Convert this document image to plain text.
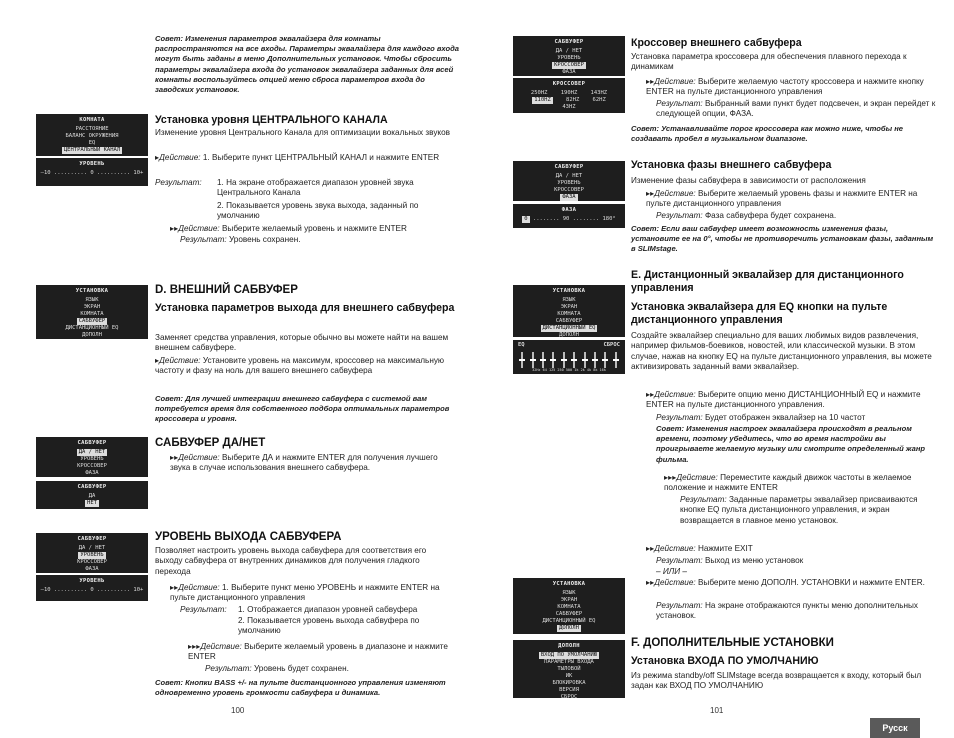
Совет: Изменения параметров эквалайзера для комнаты распространяются на все входы. Параметры эквалайзера для каждого входа могут быть заданы в меню Дополнительных установок. Чтобы сбросить параметры эквалайзера входа до установок эквалайзера заданных для всей комнаты воспользуйтесь опцией меню сброса параметров входа до заводских установок.
КОМНАТА
РАССТОЯНИЕ
БАЛАНС ОКРУЖЕНИЯ
EQ
ЦЕНТРАЛЬНЫЙ КАНАЛ
УРОВЕНЬ
–10 .......... 0 .......... 10+
Установка уровня ЦЕНТРАЛЬНОГО КАНАЛА
Изменение уровня Центрального Канала для оптимизации вокальных звуков
▸Действие: 1. Выберите пункт ЦЕНТРАЛЬНЫЙ КАНАЛ и нажмите ENTER
Результат: 1. На экране отображается диапазон уровней звука Центрального Канала
2. Показывается уровень звука выхода, заданный по умолчанию
▸▸Действие: Выберите желаемый уровень и нажмите ENTER
Результат: Уровень сохранен.
УСТАНОВКА
ЯЗЫК
ЭКРАН
КОМНАТА
САБВУФЕР
ДИСТАНЦИОННЫЙ EQ
ДОПОЛН
D. ВНЕШНИЙ САБВУФЕР
Установка параметров выхода для внешнего сабвуфера
Заменяет средства управления, которые обычно вы можете найти на вашем внешнем сабвуфере.
▸Действие: Установите уровень на максимум, кроссовер на максимальную частоту и фазу на ноль для вашего внешнего сабвуфера
Совет: Для лучшей интеграции внешнего сабвуфера с системой вам потребуется время для собственного подбора оптимальных параметров кроссовера и уровня.
САБВУФЕР
ДА / НЕТ
УРОВЕНЬ
КРОССОВЕР
ФАЗА
САБВУФЕР
ДА
НЕТ
САБВУФЕР ДА/НЕТ
▸▸Действие: Выберите ДА и нажмите ENTER для получения лучшего звука в случае использования внешнего сабвуфера.
САБВУФЕР
ДА / НЕТ
УРОВЕНЬ
КРОССОВЕР
ФАЗА
УРОВЕНЬ
–10 .......... 0 .......... 10+
УРОВЕНЬ ВЫХОДА САБВУФЕРА
Позволяет настроить уровень выхода сабвуфера для соответствия его выходу сабвуфера от внутренних динамиков для получения гладкого перехода
▸▸Действие: 1. Выберите пункт меню УРОВЕНЬ и нажмите ENTER на пульте дистанционного управления
Результат: 1. Отображается диапазон уровней сабвуфера
2. Показывается уровень выхода сабвуфера по умолчанию
▸▸▸Действие: Выберите желаемый уровень в диапазоне и нажмите ENTER
Результат: Уровень будет сохранен.
Совет: Кнопки BASS +/- на пульте дистанционного управления изменяют одновременно уровень громкости сабвуфера и динамика.
100
САБВУФЕР
ДА / НЕТ
УРОВЕНЬ
КРОССОВЕР
ФАЗА
КРОССОВЕР
250HZ    190HZ    143HZ
110HZ    82HZ    62HZ
43HZ
Кроссовер внешнего сабвуфера
Установка параметра кроссовера для обеспечения плавного перехода к динамикам
▸▸Действие: Выберите желаемую частоту кроссовера и нажмите кнопку ENTER на пульте дистанционного управления
Результат: Выбранный вами пункт будет подсвечен, и экран перейдет к следующей опции, ФАЗА.
Совет: Устанавливайте порог кроссовера как можно ниже, чтобы не создавать пробел в музыкальном диапазоне.
САБВУФЕР
ДА / НЕТ
УРОВЕНЬ
КРОССОВЕР
ФАЗА
ФАЗА
0 ........ 90 ........ 180°
Установка фазы внешнего сабвуфера
Изменение фазы сабвуфера в зависимости от расположения
▸▸Действие: Выберите желаемый уровень фазы и нажмите ENTER на пульте дистанционного управления
Результат: Фаза сабвуфера будет сохранена.
Совет: Если ваш сабвуфер имеет возможность изменения фазы, установите ее на 0°, чтобы не противоречить установкам фазы, заданным в SLIMstage.
УСТАНОВКА
ЯЗЫК
ЭКРАН
КОМНАТА
САБВУФЕР
ДИСТАНЦИОННЫЙ EQ
ДОПОЛН
EQ	СБРОС
32Hz 64 125 250 500 1k 2k 4k 8k 16k
E. Дистанционный эквалайзер для дистанционного управления
Установка эквалайзера для EQ кнопки на пульте дистанционного управления
Создайте эквалайзер специально для ваших любимых видов развлечения, например фильмов-боевиков, новостей, или классической музыки. В этом случае, нажав на кнопку EQ на пульте дистанционного управления, вы можете активизировать заданный вами эквалайзер.
▸▸Действие: Выберите опцию меню ДИСТАНЦИОННЫЙ EQ и нажмите ENTER на пульте дистанционного управления.
Результат: Будет отображен эквалайзер на 10 частот
Совет: Изменения настроек эквалайзера происходят в реальном времени, поэтому убедитесь, что во время настройки вы проигрываете желаемую музыку или смотрите определенный жанр фильма.
▸▸▸Действие: Переместите каждый движок частоты в желаемое положение и нажмите ENTER
Результат: Заданные параметры эквалайзер присваиваются кнопке EQ пульта дистанционного управления, и экран возвращается в главное меню установок.
▸▸Действие: Нажмите EXIT
Результат: Выход из меню установок
– ИЛИ –
▸▸Действие: Выберите меню ДОПОЛН. УСТАНОВКИ и нажмите ENTER.
Результат: На экране отображаются пункты меню дополнительных установок.
УСТАНОВКА
ЯЗЫК
ЭКРАН
КОМНАТА
САБВУФЕР
ДИСТАНЦИОННЫЙ EQ
ДОПОЛН
ДОПОЛН
ВХОД ПО УМОЛЧАНИЮ
ПАРАМЕТРЫ ВХОДА
ТЫЛОВОЙ
ИК
БЛОКИРОВКА
ВЕРСИЯ
СБРОС
F. ДОПОЛНИТЕЛЬНЫЕ УСТАНОВКИ
Установка ВХОДА ПО УМОЛЧАНИЮ
Из режима standby/off SLIMstage всегда возвращается к входу, который был задан как ВХОД ПО УМОЛЧАНИЮ
101
Русск
